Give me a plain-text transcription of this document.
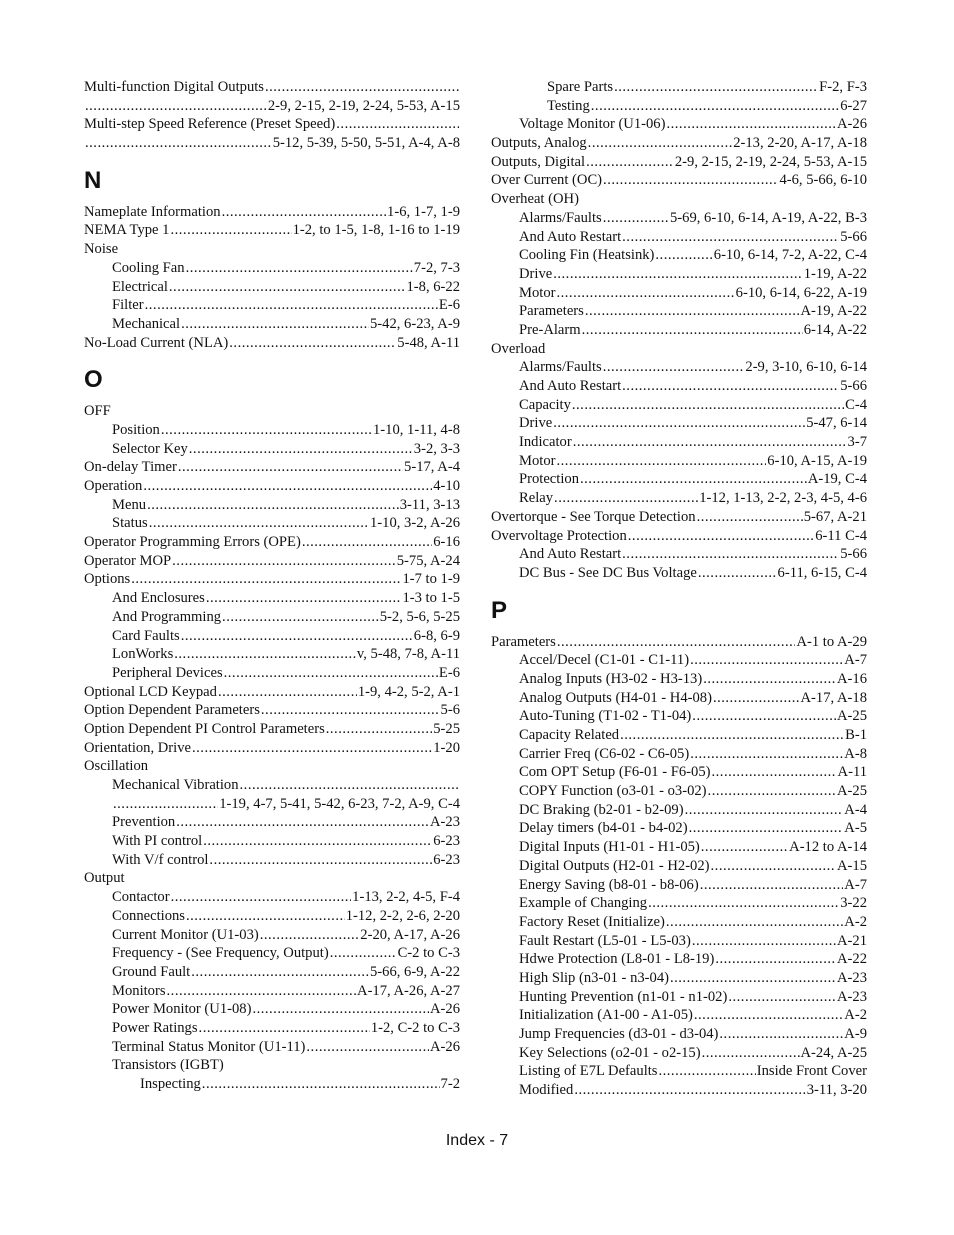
Multi-function Digital Outputs
.....
.....
2-9, 2-15, 2-19, 2-24, 5-53, A-15
Multi-step Speed Reference (Preset Speed)
.....
.....
5-12, 5-39, 5-50, 5-51, A-4, A-8
N
Nameplate Information .....	1-6, 1-7, 1-9
NEMA Type 1 .....	1-2, to 1-5, 1-8, 1-16 to 1-19
Noise
Cooling Fan .....	7-2, 7-3
Electrical .....	1-8, 6-22
Filter .....	E-6
Mechanical .....	5-42, 6-23, A-9
No-Load Current (NLA) .....	5-48, A-11
O
OFF
Position .....	1-10, 1-11, 4-8
Selector Key .....	3-2, 3-3
On-delay Timer .....	5-17, A-4
Operation .....	4-10
Menu .....	3-11, 3-13
Status .....	1-10, 3-2, A-26
Operator Programming Errors (OPE) .....	6-16
Operator MOP .....	5-75, A-24
Options .....	1-7 to 1-9
And Enclosures .....	1-3 to 1-5
And Programming .....	5-2, 5-6, 5-25
Card Faults .....	6-8, 6-9
LonWorks .....	v, 5-48, 7-8, A-11
Peripheral Devices .....	E-6
Optional LCD Keypad .....	1-9, 4-2, 5-2, A-1
Option Dependent Parameters .....	5-6
Option Dependent PI Control Parameters .....	5-25
Orientation, Drive .....	1-20
Oscillation
Mechanical Vibration
.....
.....
1-19, 4-7, 5-41, 5-42, 6-23, 7-2, A-9, C-4
Prevention .....	A-23
With PI control .....	6-23
With V/f control .....	6-23
Output
Contactor .....	1-13, 2-2, 4-5, F-4
Connections .....	1-12, 2-2, 2-6, 2-20
Current Monitor (U1-03) .....	2-20, A-17, A-26
Frequency - (See Frequency, Output) .....	C-2 to C-3
Ground Fault .....	5-66, 6-9, A-22
Monitors .....	A-17, A-26, A-27
Power Monitor (U1-08) .....	A-26
Power Ratings .....	1-2, C-2 to C-3
Terminal Status Monitor (U1-11) .....	A-26
Transistors (IGBT)
Inspecting .....	7-2
Spare Parts .....	F-2, F-3
Testing .....	6-27
Voltage Monitor (U1-06) .....	A-26
Outputs, Analog .....	2-13, 2-20, A-17, A-18
Outputs, Digital .....	2-9, 2-15, 2-19, 2-24, 5-53, A-15
Over Current (OC) .....	4-6, 5-66, 6-10
Overheat (OH)
Alarms/Faults .....	5-69, 6-10, 6-14, A-19, A-22, B-3
And Auto Restart .....	5-66
Cooling Fin (Heatsink) .....	6-10, 6-14, 7-2, A-22, C-4
Drive .....	1-19, A-22
Motor .....	6-10, 6-14, 6-22, A-19
Parameters .....	A-19, A-22
Pre-Alarm .....	6-14, A-22
Overload
Alarms/Faults .....	2-9, 3-10, 6-10, 6-14
And Auto Restart .....	5-66
Capacity .....	C-4
Drive .....	5-47, 6-14
Indicator .....	3-7
Motor .....	6-10, A-15, A-19
Protection .....	A-19, C-4
Relay .....	1-12, 1-13, 2-2, 2-3, 4-5, 4-6
Overtorque - See Torque Detection .....	5-67, A-21
Overvoltage Protection .....	6-11 C-4
And Auto Restart .....	5-66
DC Bus - See DC Bus Voltage .....	6-11, 6-15, C-4
P
Parameters .....	A-1 to A-29
Accel/Decel (C1-01 - C1-11) .....	A-7
Analog Inputs (H3-02 - H3-13) .....	A-16
Analog Outputs (H4-01 - H4-08) .....	A-17, A-18
Auto-Tuning (T1-02 - T1-04) .....	A-25
Capacity Related .....	B-1
Carrier Freq (C6-02 - C6-05) .....	A-8
Com OPT Setup (F6-01 - F6-05) .....	A-11
COPY Function (o3-01 - o3-02) .....	A-25
DC Braking (b2-01 - b2-09) .....	A-4
Delay timers (b4-01 - b4-02) .....	A-5
Digital Inputs (H1-01 - H1-05) .....	A-12 to A-14
Digital Outputs (H2-01 - H2-02) .....	A-15
Energy Saving (b8-01 - b8-06) .....	A-7
Example of Changing .....	3-22
Factory Reset (Initialize) .....	A-2
Fault Restart (L5-01 - L5-03) .....	A-21
Hdwe Protection (L8-01 - L8-19) .....	A-22
High Slip (n3-01 - n3-04) .....	A-23
Hunting Prevention (n1-01 - n1-02) .....	A-23
Initialization (A1-00 - A1-05) .....	A-2
Jump Frequencies (d3-01 - d3-04) .....	A-9
Key Selections (o2-01 - o2-15) .....	A-24, A-25
Listing of E7L Defaults .....	Inside Front Cover
Modified .....	3-11, 3-20
Index - 7
